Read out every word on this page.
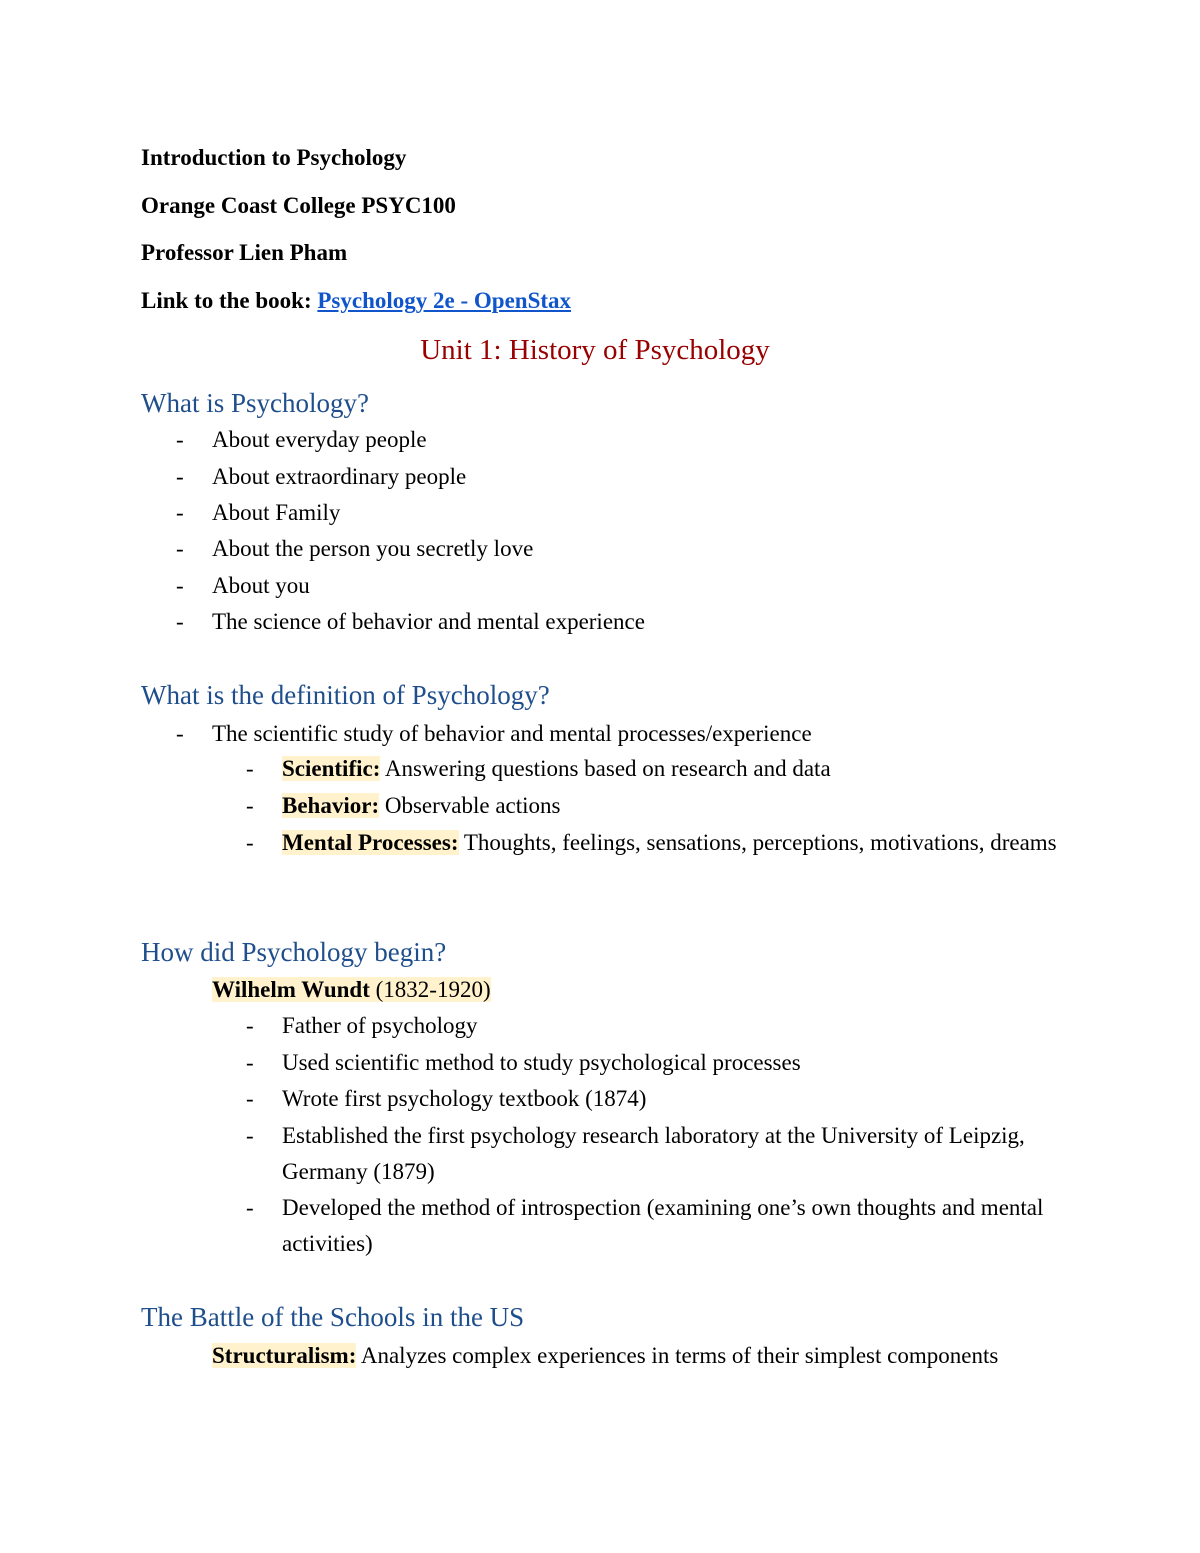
Introduction to Psychology
Orange Coast College PSYC100
Professor Lien Pham
Link to the book: Psychology 2e - OpenStax
Unit 1: History of Psychology
What is Psychology?
- About everyday people
- About extraordinary people
- About Family
- About the person you secretly love
- About you
- The science of behavior and mental experience
What is the definition of Psychology?
- The scientific study of behavior and mental processes/experience
- Scientific: Answering questions based on research and data
- Behavior: Observable actions
- Mental Processes: Thoughts, feelings, sensations, perceptions, motivations, dreams
How did Psychology begin?
Wilhelm Wundt (1832-1920)
- Father of psychology
- Used scientific method to study psychological processes
- Wrote first psychology textbook (1874)
- Established the first psychology research laboratory at the University of Leipzig, Germany (1879)
- Developed the method of introspection (examining one’s own thoughts and mental activities)
The Battle of the Schools in the US
Structuralism: Analyzes complex experiences in terms of their simplest components
